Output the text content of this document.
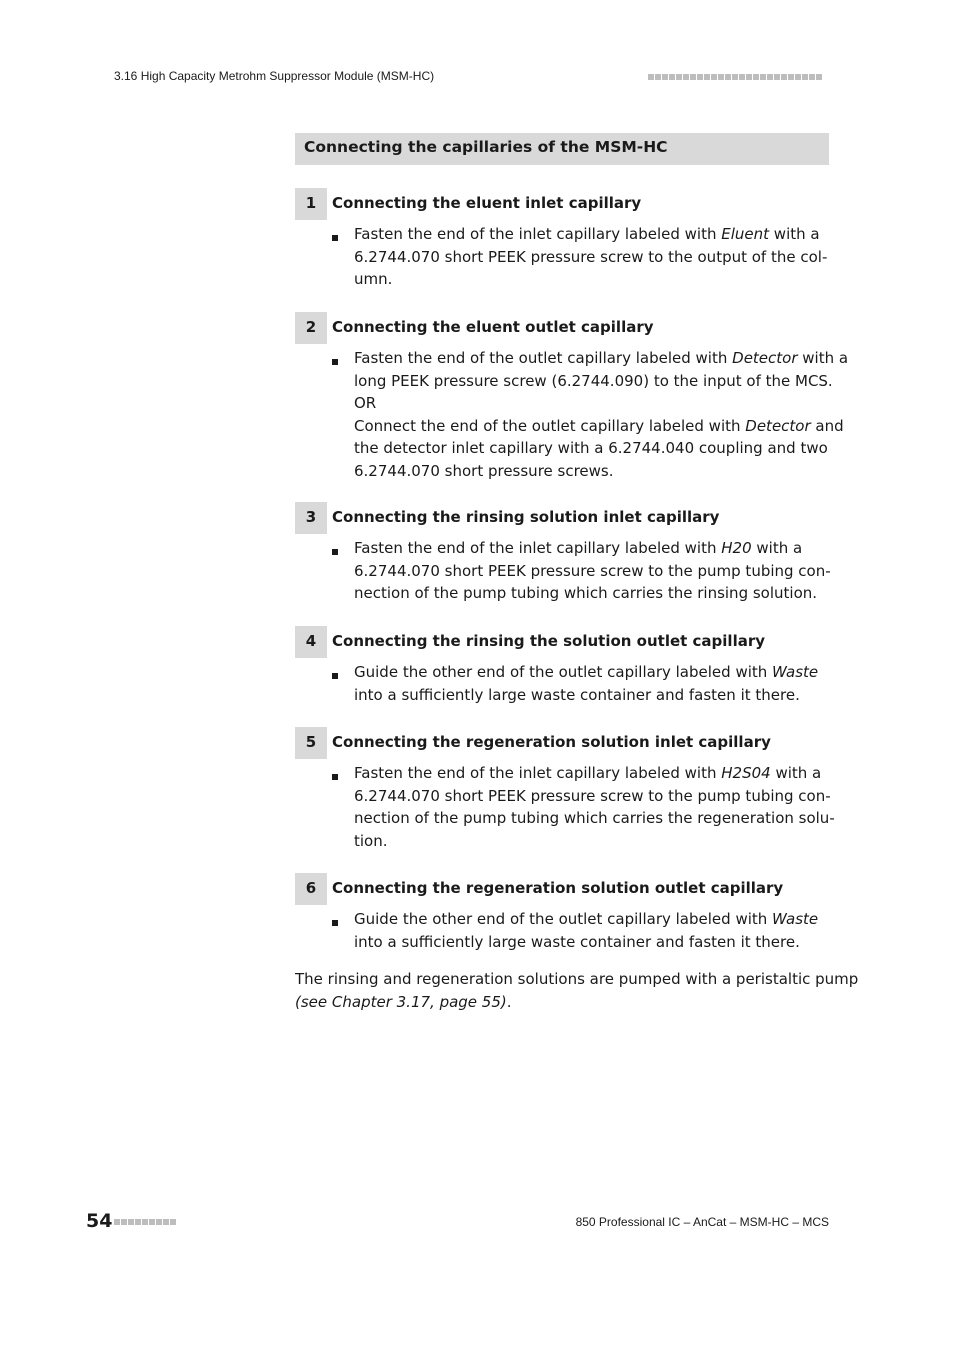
3.16 High Capacity Metrohm Suppressor Module (MSM-HC)
Connecting the capillaries of the MSM-HC
1	Connecting the eluent inlet capillary
Fasten the end of the inlet capillary labeled with Eluent with a
6.2744.070 short PEEK pressure screw to the output of the col-
umn.
2	Connecting the eluent outlet capillary
Fasten the end of the outlet capillary labeled with Detector with a
long PEEK pressure screw (6.2744.090) to the input of the MCS.
OR
Connect the end of the outlet capillary labeled with Detector and
the detector inlet capillary with a 6.2744.040 coupling and two
6.2744.070 short pressure screws.
3	Connecting the rinsing solution inlet capillary
Fasten the end of the inlet capillary labeled with H20 with a
6.2744.070 short PEEK pressure screw to the pump tubing con-
nection of the pump tubing which carries the rinsing solution.
4	Connecting the rinsing the solution outlet capillary
Guide the other end of the outlet capillary labeled with Waste
into a sufficiently large waste container and fasten it there.
5	Connecting the regeneration solution inlet capillary
Fasten the end of the inlet capillary labeled with H2S04 with a
6.2744.070 short PEEK pressure screw to the pump tubing con-
nection of the pump tubing which carries the regeneration solu-
tion.
6	Connecting the regeneration solution outlet capillary
Guide the other end of the outlet capillary labeled with Waste
into a sufficiently large waste container and fasten it there.
The rinsing and regeneration solutions are pumped with a peristaltic pump
(see Chapter 3.17, page 55).
54	850 Professional IC – AnCat – MSM-HC – MCS
